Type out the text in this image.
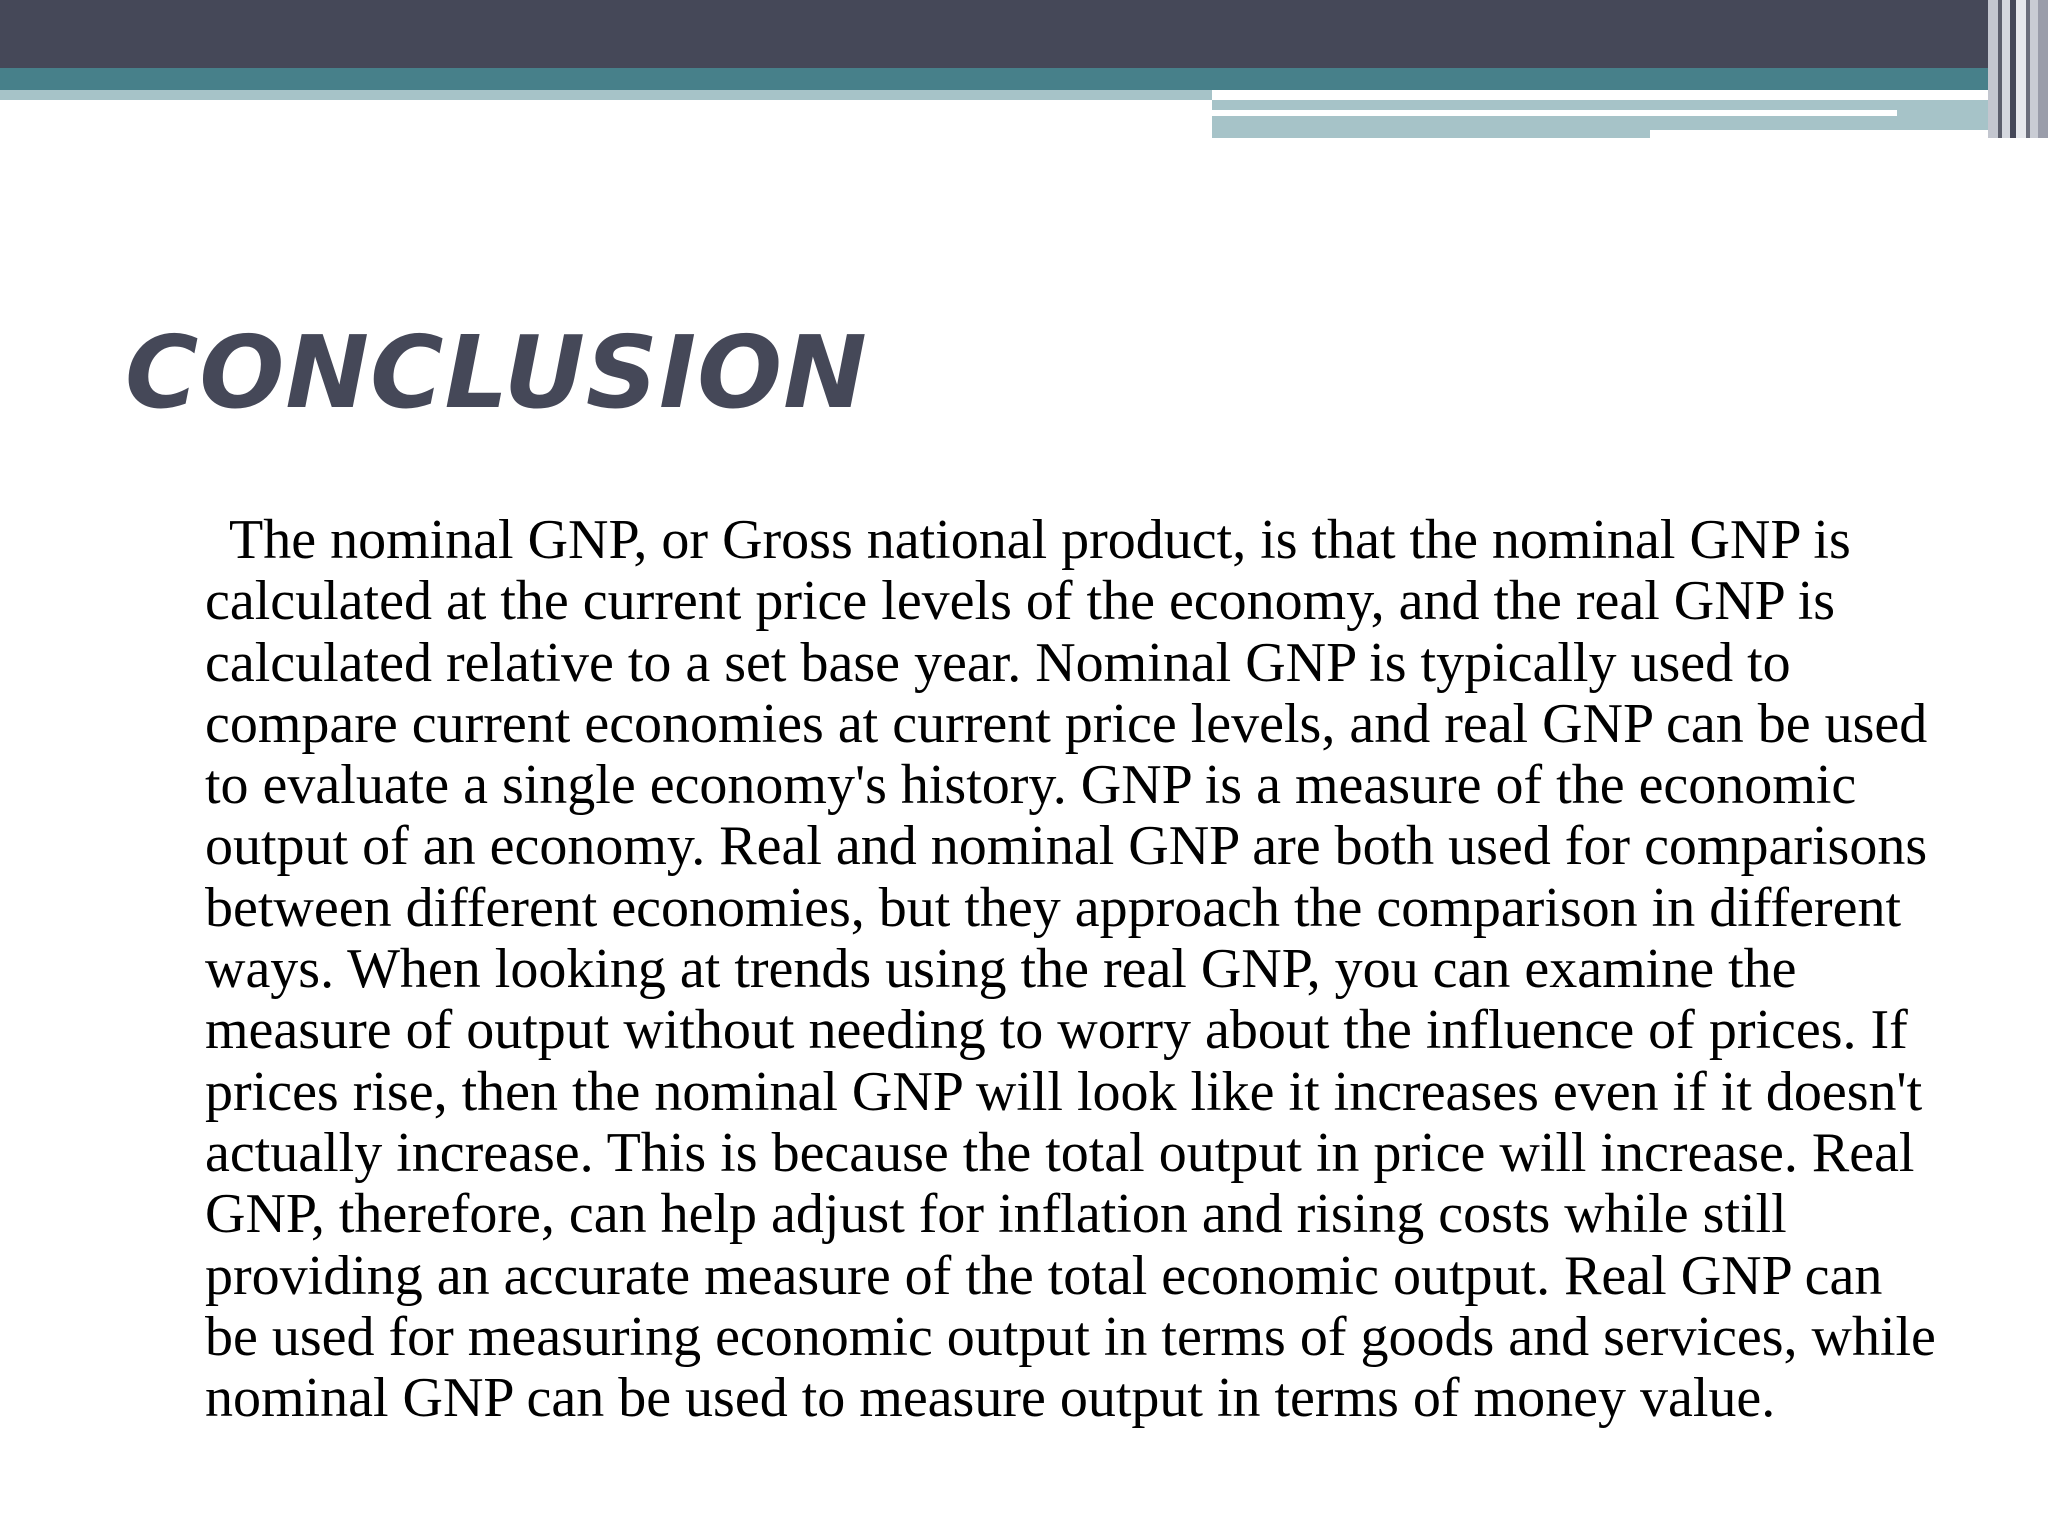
CONCLUSION

The nominal GNP, or Gross national product, is that the nominal GNP is calculated at the current price levels of the economy, and the real GNP is calculated relative to a set base year. Nominal GNP is typically used to compare current economies at current price levels, and real GNP can be used to evaluate a single economy's history. GNP is a measure of the economic output of an economy. Real and nominal GNP are both used for comparisons between different economies, but they approach the comparison in different ways. When looking at trends using the real GNP, you can examine the measure of output without needing to worry about the influence of prices. If prices rise, then the nominal GNP will look like it increases even if it doesn't actually increase. This is because the total output in price will increase. Real GNP, therefore, can help adjust for inflation and rising costs while still providing an accurate measure of the total economic output. Real GNP can be used for measuring economic output in terms of goods and services, while nominal GNP can be used to measure output in terms of money value.
